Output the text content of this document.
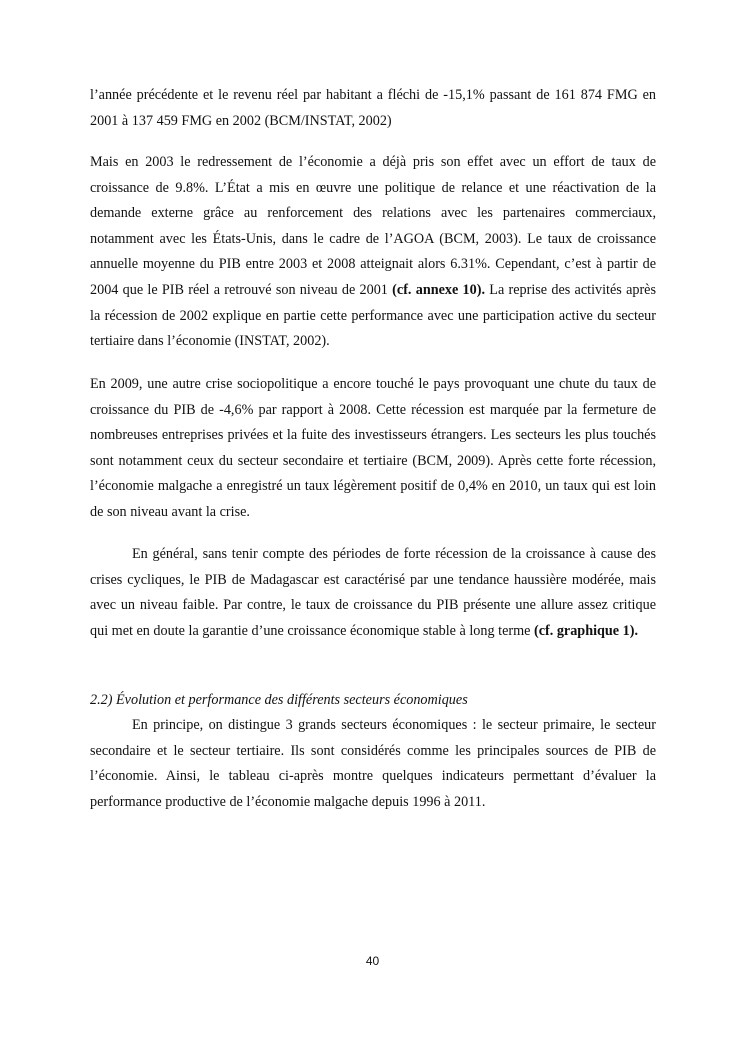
l’année précédente et le revenu réel par habitant a fléchi de -15,1% passant de 161 874 FMG en 2001 à 137 459 FMG en 2002 (BCM/INSTAT, 2002)

Mais en 2003 le redressement de l’économie a déjà pris son effet avec un effort de taux de croissance de 9.8%. L’État a mis en œuvre une politique de relance et une réactivation de la demande externe grâce au renforcement des relations avec les partenaires commerciaux, notamment avec les États-Unis, dans le cadre de l’AGOA (BCM, 2003). Le taux de croissance annuelle moyenne du PIB entre 2003 et 2008 atteignait alors 6.31%. Cependant, c’est à partir de 2004 que le PIB réel a retrouvé son niveau de 2001 (cf. annexe 10). La reprise des activités après la récession de 2002 explique en partie cette performance avec une participation active du secteur tertiaire dans l’économie (INSTAT, 2002).

En 2009, une autre crise sociopolitique a encore touché le pays provoquant une chute du taux de croissance du PIB de -4,6% par rapport à 2008. Cette récession est marquée par la fermeture de nombreuses entreprises privées et la fuite des investisseurs étrangers. Les secteurs les plus touchés sont notamment ceux du secteur secondaire et tertiaire (BCM, 2009). Après cette forte récession, l’économie malgache a enregistré un taux légèrement positif de 0,4% en 2010, un taux qui est loin de son niveau avant la crise.

En général, sans tenir compte des périodes de forte récession de la croissance à cause des crises cycliques, le PIB de Madagascar est caractérisé par une tendance haussière modérée, mais avec un niveau faible. Par contre, le taux de croissance du PIB présente une allure assez critique qui met en doute la garantie d’une croissance économique stable à long terme (cf. graphique 1).

2.2) Évolution et performance des différents secteurs économiques

En principe, on distingue 3 grands secteurs économiques : le secteur primaire, le secteur secondaire et le secteur tertiaire. Ils sont considérés comme les principales sources de PIB de l’économie. Ainsi, le tableau ci-après montre quelques indicateurs permettant d’évaluer la performance productive de l’économie malgache depuis 1996 à 2011.

40
